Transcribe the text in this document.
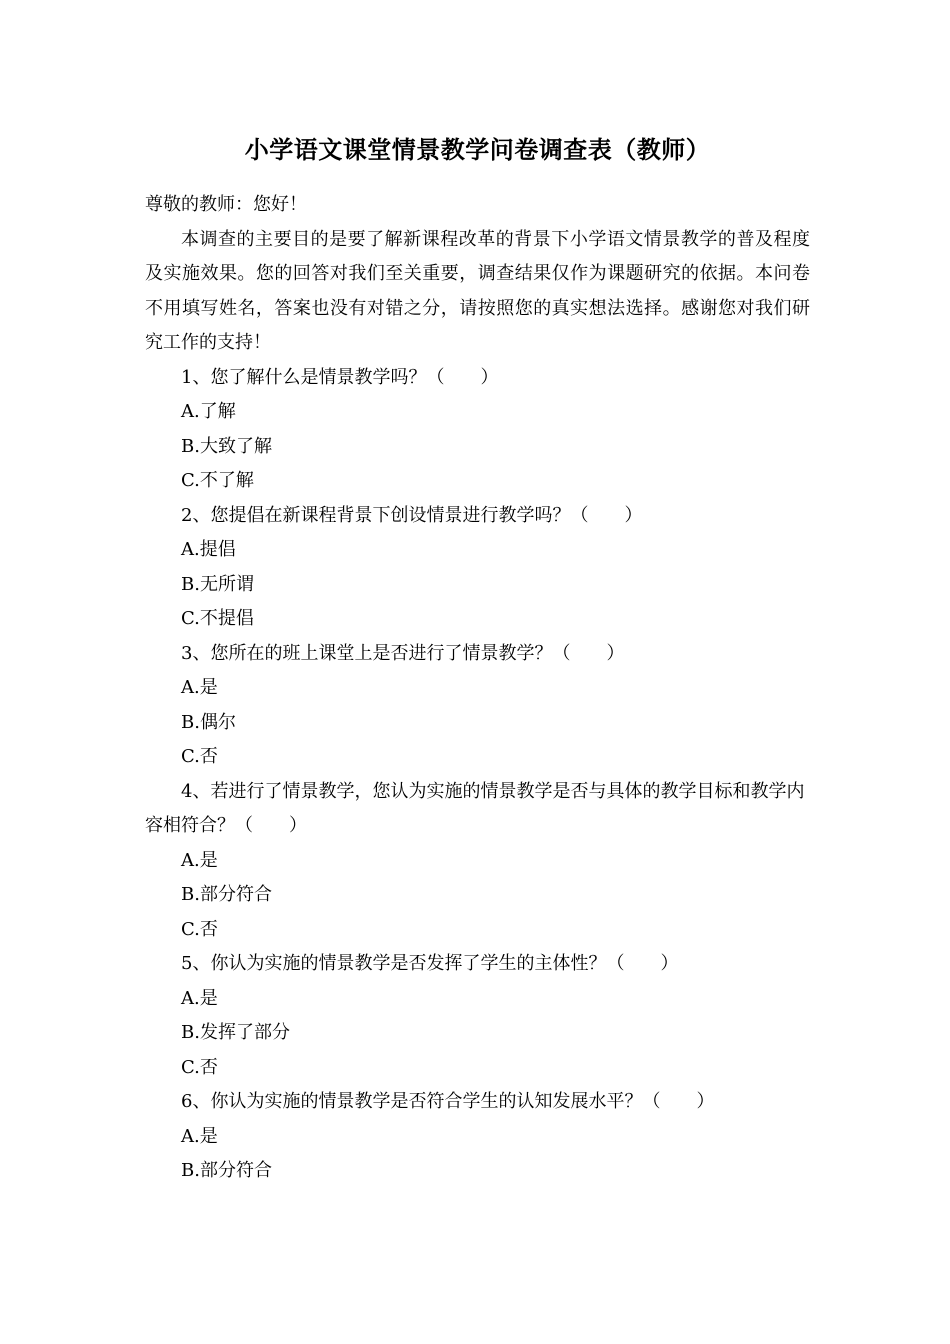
小学语文课堂情景教学问卷调查表（教师）
尊敬的教师：您好！

本调查的主要目的是要了解新课程改革的背景下小学语文情景教学的普及程度及实施效果。您的回答对我们至关重要，调查结果仅作为课题研究的依据。本问卷不用填写姓名，答案也没有对错之分，请按照您的真实想法选择。感谢您对我们研究工作的支持！

1、您了解什么是情景教学吗？（　　）
A.了解
B.大致了解
C.不了解
2、您提倡在新课程背景下创设情景进行教学吗？（　　）
A.提倡
B.无所谓
C.不提倡
3、您所在的班上课堂上是否进行了情景教学？（　　）
A.是
B.偶尔
C.否

4、若进行了情景教学，您认为实施的情景教学是否与具体的教学目标和教学内容相符合？（　　）

A.是
B.部分符合
C.否
5、你认为实施的情景教学是否发挥了学生的主体性？（　　）
A.是
B.发挥了部分
C.否
6、你认为实施的情景教学是否符合学生的认知发展水平？（　　）
A.是
B.部分符合
